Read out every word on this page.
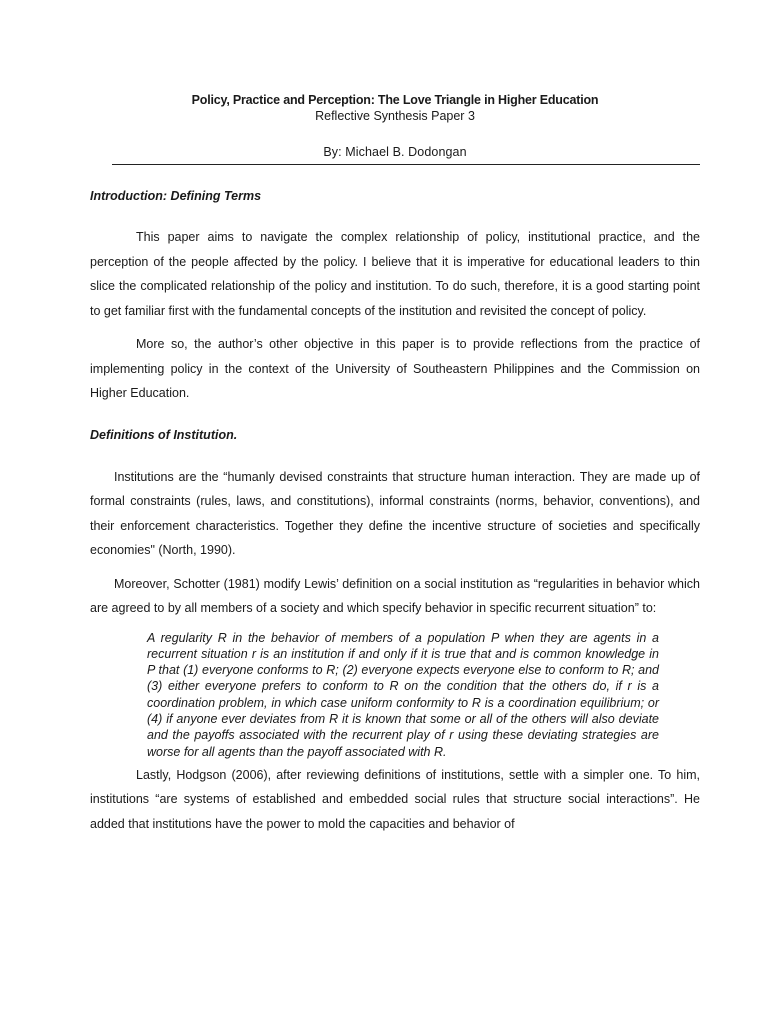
Policy, Practice and Perception: The Love Triangle in Higher Education

Reflective Synthesis Paper 3

By: Michael B. Dodongan

Introduction: Defining Terms

This paper aims to navigate the complex relationship of policy, institutional practice, and the perception of the people affected by the policy. I believe that it is imperative for educational leaders to thin slice the complicated relationship of the policy and institution. To do such, therefore, it is a good starting point to get familiar first with the fundamental concepts of the institution and revisited the concept of policy.

More so, the author’s other objective in this paper is to provide reflections from the practice of implementing policy in the context of the University of Southeastern Philippines and the Commission on Higher Education.

Definitions of Institution.

Institutions are the “humanly devised constraints that structure human interaction. They are made up of formal constraints (rules, laws, and constitutions), informal constraints (norms, behavior, conventions), and their enforcement characteristics. Together they define the incentive structure of societies and specifically economies" (North, 1990).

Moreover, Schotter (1981) modify Lewis’ definition on a social institution as “regularities in behavior which are agreed to by all members of a society and which specify behavior in specific recurrent situation” to:

A regularity R in the behavior of members of a population P when they are agents in a recurrent situation r is an institution if and only if it is true that and is common knowledge in P that (1) everyone conforms to R; (2) everyone expects everyone else to conform to R; and (3) either everyone prefers to conform to R on the condition that the others do, if r is a coordination problem, in which case uniform conformity to R is a coordination equilibrium; or (4) if anyone ever deviates from R it is known that some or all of the others will also deviate and the payoffs associated with the recurrent play of r using these deviating strategies are worse for all agents than the payoff associated with R.

Lastly, Hodgson (2006), after reviewing definitions of institutions, settle with a simpler one. To him, institutions “are systems of established and embedded social rules that structure social interactions”. He added that institutions have the power to mold the capacities and behavior of
